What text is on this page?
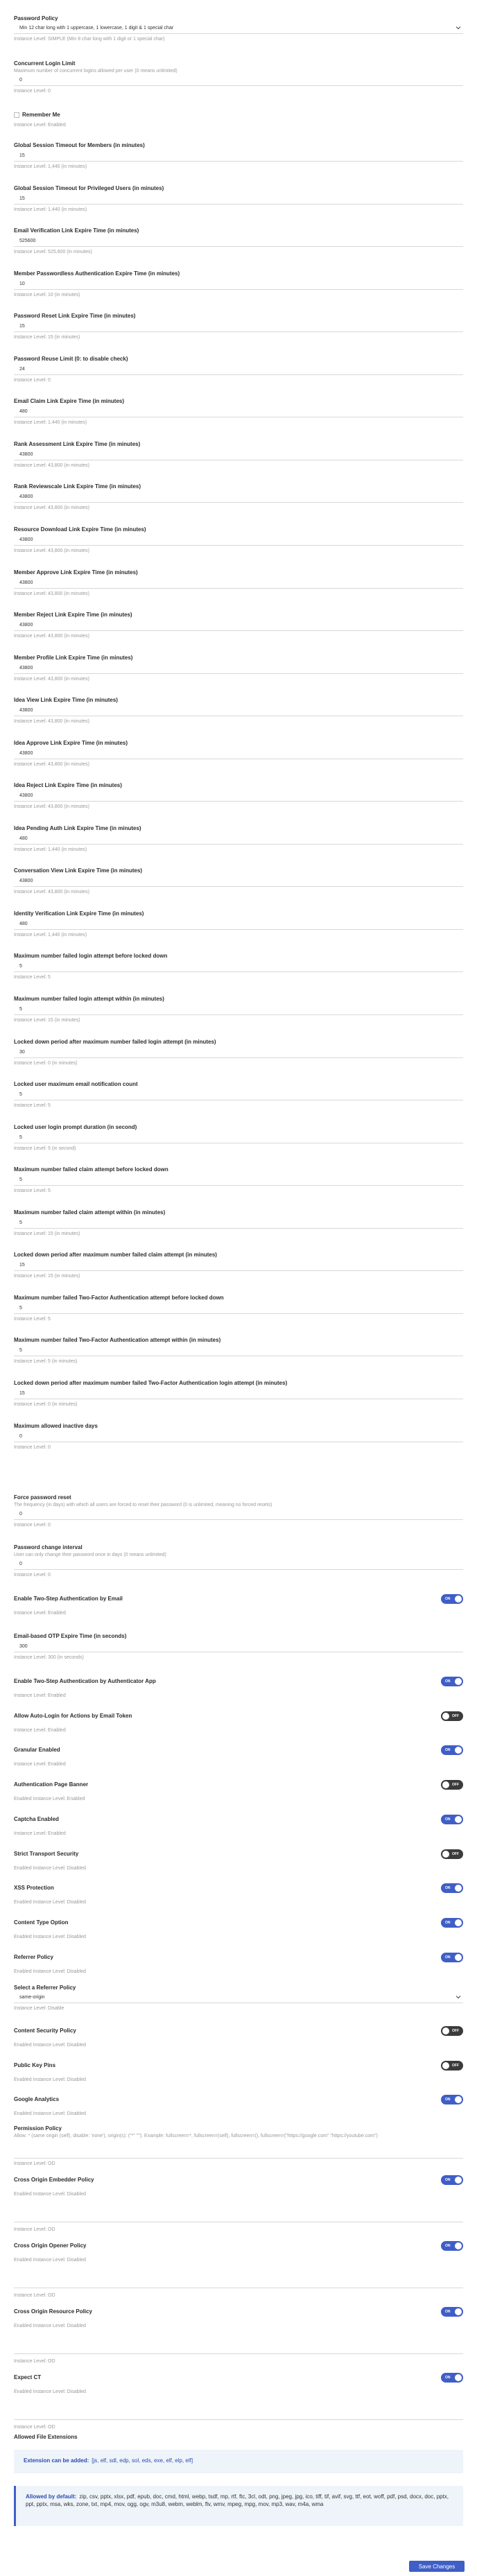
Password Policy
Min 12 char long with 1 uppercase, 1 lowercase, 1 digit & 1 special char
Instance Level: SIMPLE (Min 8 char long with 1 digit or 1 special char)
Concurrent Login Limit
Maximum number of concurrent logins allowed per user (0 means unlimited)
0
Instance Level: 0
Remember Me
Instance Level: Enabled
Global Session Timeout for Members (in minutes)
15
Instance Level: 1,440 (in minutes)
Global Session Timeout for Privileged Users (in minutes)
15
Instance Level: 1,440 (in minutes)
Email Verification Link Expire Time (in minutes)
525600
Instance Level: 525,600 (in minutes)
Member Passwordless Authentication Expire Time (in minutes)
10
Instance Level: 10 (in minutes)
Password Reset Link Expire Time (in minutes)
15
Instance Level: 15 (in minutes)
Password Reuse Limit (0: to disable check)
24
Instance Level: 0
Email Claim Link Expire Time (in minutes)
480
Instance Level: 1,440 (in minutes)
Rank Assessment Link Expire Time (in minutes)
43800
Instance Level: 43,800 (in minutes)
Rank Reviewscale Link Expire Time (in minutes)
43800
Instance Level: 43,800 (in minutes)
Resource Download Link Expire Time (in minutes)
43800
Instance Level: 43,800 (in minutes)
Member Approve Link Expire Time (in minutes)
43800
Instance Level: 43,800 (in minutes)
Member Reject Link Expire Time (in minutes)
43800
Instance Level: 43,800 (in minutes)
Member Profile Link Expire Time (in minutes)
43800
Instance Level: 43,800 (in minutes)
Idea View Link Expire Time (in minutes)
43800
Instance Level: 43,800 (in minutes)
Idea Approve Link Expire Time (in minutes)
43800
Instance Level: 43,800 (in minutes)
Idea Reject Link Expire Time (in minutes)
43800
Instance Level: 43,800 (in minutes)
Idea Pending Auth Link Expire Time (in minutes)
480
Instance Level: 1,440 (in minutes)
Conversation View Link Expire Time (in minutes)
43800
Instance Level: 43,800 (in minutes)
Identity Verification Link Expire Time (in minutes)
480
Instance Level: 1,440 (in minutes)
Maximum number failed login attempt before locked down
5
Instance Level: 5
Maximum number failed login attempt within (in minutes)
5
Instance Level: 15 (in minutes)
Locked down period after maximum number failed login attempt (in minutes)
30
Instance Level: 0 (in minutes)
Locked user maximum email notification count
5
Instance Level: 5
Locked user login prompt duration (in second)
5
Instance Level: 5 (in second)
Maximum number failed claim attempt before locked down
5
Instance Level: 5
Maximum number failed claim attempt within (in minutes)
5
Instance Level: 15 (in minutes)
Locked down period after maximum number failed claim attempt (in minutes)
15
Instance Level: 15 (in minutes)
Maximum number failed Two-Factor Authentication attempt before locked down
5
Instance Level: 5
Maximum number failed Two-Factor Authentication attempt within (in minutes)
5
Instance Level: 5 (in minutes)
Locked down period after maximum number failed Two-Factor Authentication login attempt (in minutes)
15
Instance Level: 0 (in minutes)
Maximum allowed inactive days
0
Instance Level: 0
Force password reset
The frequency (in days) with which all users are forced to reset their password (0 is unlimited, meaning no forced resets)
0
Instance Level: 0
Password change interval
User can only change their password once in days (0 means unlimited)
0
Instance Level: 0
Enable Two-Step Authentication by Email
Instance Level: Enabled
ON
Email-based OTP Expire Time (in seconds)
300
Instance Level: 300 (in seconds)
Enable Two-Step Authentication by Authenticator App
Instance Level: Enabled
ON
Allow Auto-Login for Actions by Email Token
Instance Level: Enabled
OFF
Granular Enabled
Instance Level: Enabled
ON
Authentication Page Banner
Enabled Instance Level: Enabled
OFF
Captcha Enabled
Instance Level: Enabled
ON
Strict Transport Security
Enabled Instance Level: Disabled
OFF
XSS Protection
Enabled Instance Level: Disabled
ON
Content Type Option
Enabled Instance Level: Disabled
ON
Referrer Policy
Enabled Instance Level: Disabled
ON
Select a Referrer Policy
same-origin
Instance Level: Disable
Content Security Policy
Enabled Instance Level: Disabled
OFF
Public Key Pins
Enabled Instance Level: Disabled
OFF
Google Analytics
Enabled Instance Level: Disabled
ON
Permission Policy
Allow: * (same origin (self), disable: 'none'), origin(s): ("*" ""). Example: fullscreen=*, fullscreen=(self), fullscreen=(), fullscreen=("https://google.com" "https://youtube.com")
Instance Level: OD
Cross Origin Embedder Policy
Enabled Instance Level: Disabled
ON
Instance Level: OD
Cross Origin Opener Policy
Enabled Instance Level: Disabled
ON
Instance Level: OD
Cross Origin Resource Policy
Enabled Instance Level: Disabled
ON
Instance Level: OD
Expect CT
Enabled Instance Level: Disabled
ON
Instance Level: OD
Allowed File Extensions
Extension can be added: [js, elf, sdl, edp, sol, eds, exe, elf, elp, elf]
Allowed by default: zip, csv, pptx, xlsx, pdf, epub, doc, cmd, html, webp, tsdf, mp, rtf, ftc, 3cl, odt, png, jpeg, jpg, ico, tiff, tif, avif, svg, ttf, eot, woff, pdf, psd, docx, doc, pptx, ppt, pptx, msa, wks, zone, txt, mp4, mov, ogg, ogv, m3u8, webm, weblm, flv, wmv, mpeg, mpg, mov, mp3, wav, m4a, wma
Save Changes
